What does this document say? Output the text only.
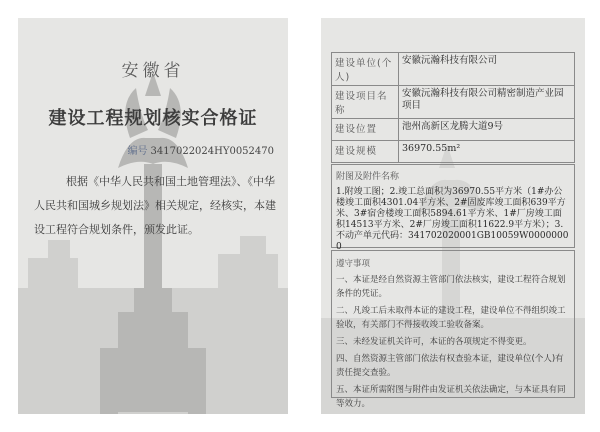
安徽省
建设工程规划核实合格证
编号 3417022024HY0052470
根据《中华人民共和国土地管理法》、《中华人民共和国城乡规划法》相关规定，经核实，本建设工程符合规划条件，颁发此证。
建设单位(个人)	安徽沅瀚科技有限公司
建设项目名称	安徽沅瀚科技有限公司精密制造产业园项目
建设位置	池州高新区龙腾大道9号
建设规模	36970.55m²
附图及附件名称
1.附竣工图；2.竣工总面积为36970.55平方米（1#办公楼竣工面积4301.04平方米、2#固废库竣工面积639平方米、3#宿舍楼竣工面积5894.61平方米、1#厂房竣工面积14513平方米、2#厂房竣工面积11622.9平方米）；3.不动产单元代码：341702020001GB10059W00000000
遵守事项
一、本证是经自然资源主管部门依法核实，建设工程符合规划条件的凭证。
二、凡竣工后未取得本证的建设工程，建设单位不得组织竣工验收，有关部门不得接收竣工验收备案。
三、未经发证机关许可，本证的各项规定不得变更。
四、自然资源主管部门依法有权查验本证，建设单位(个人)有责任提交查验。
五、本证所需附图与附件由发证机关依法确定，与本证具有同等效力。
